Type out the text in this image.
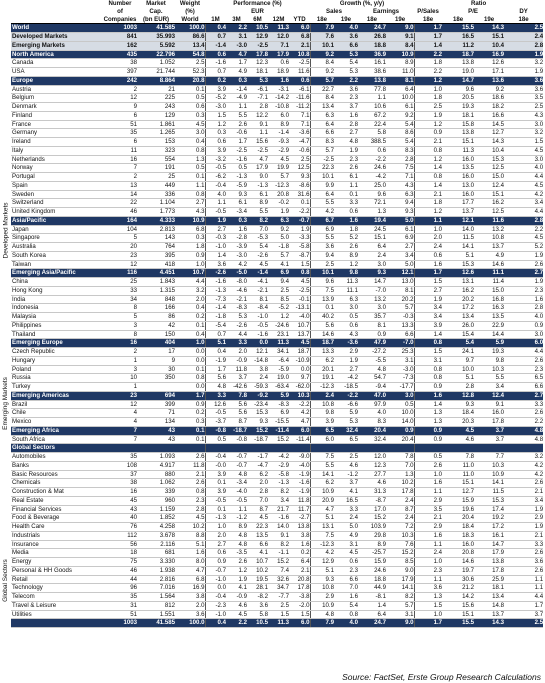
Developed Markets
Emerging Markets
Global Sectors
	Number	Market	Weight	Performance (%)					Growth (%, y/y)				Ratio			
	of	Cap.	(%)	EUR					Sales		Earnings		P/Sales	P/E		DY
	Companies	(bn EUR)	World	1M	3M	6M	12M	YTD	18e	19e	18e	19e	18e	18e	19e	18e
World	1003	41.585	100.0	0.4	2.2	10.5	11.3	6.0	7.9	4.0	24.7	9.0	1.7	15.5	14.3	2.5
Developed Markets	841	35.993	86.6	0.7	3.1	12.9	12.0	6.8	7.6	3.6	26.8	9.1	1.7	16.5	15.1	2.4
Emerging Markets	162	5.592	13.4	-1.4	-3.0	-2.5	7.1	2.1	10.1	6.6	18.8	8.4	1.4	11.2	10.4	2.8
North America	435	22.796	54.8	0.6	4.7	17.8	17.9	10.8	9.2	5.3	36.9	10.9	2.2	18.7	16.9	1.9
Canada	38	1.052	2.5	-1.6	1.7	12.3	0.6	-2.5	8.4	5.4	16.1	8.9	1.8	13.8	12.6	3.2
USA	397	21.744	52.3	0.7	4.9	18.1	18.9	11.6	9.2	5.3	38.6	11.0	2.2	19.0	17.1	1.9
Europe	242	8.864	20.8	0.2	0.3	5.3	1.6	0.6	5.7	2.2	13.8	8.1	1.2	14.7	13.6	3.6
Austria	2	21	0.1	3.9	-1.4	-6.1	-3.1	-6.1	22.7	3.6	77.8	6.4	1.0	9.6	9.2	3.6
Belgium	12	225	0.5	-5.2	-4.9	-7.1	-14.2	-11.6	8.4	2.3	1.1	10.0	1.8	20.5	18.6	3.5
Denmark	9	243	0.6	-3.0	1.1	2.8	-10.8	-11.2	13.4	3.7	10.6	6.1	2.5	19.3	18.2	2.5
Finland	6	129	0.3	1.5	5.5	12.2	6.0	7.1	6.3	1.6	67.2	9.2	1.9	18.1	16.6	4.3
France	51	1.861	4.5	1.2	2.6	9.1	8.9	7.1	6.4	2.8	22.4	5.4	1.2	15.8	14.5	3.0
Germany	35	1.265	3.0	0.3	-0.6	1.1	-1.4	-3.6	6.6	2.7	5.8	8.6	0.9	13.8	12.7	3.2
Ireland	6	153	0.4	0.6	1.7	15.6	-9.3	-4.7	8.3	4.8	388.5	5.4	2.1	15.1	14.3	1.5
Italy	11	323	0.8	3.9	-2.5	-2.5	-2.9	-0.6	5.7	1.9	0.6	8.3	0.8	11.3	10.4	4.5
Netherlands	16	554	1.3	-3.2	-1.6	4.7	4.5	2.5	-2.5	2.3	-2.2	2.8	1.2	16.0	15.3	3.0
Norway	7	191	0.5	-0.5	0.5	17.9	19.9	12.5	22.3	2.6	24.6	7.5	1.4	13.5	12.5	4.0
Portugal	2	25	0.1	-6.2	-1.3	9.0	5.7	9.3	10.1	6.1	-4.2	7.1	0.8	16.0	15.0	4.4
Spain	13	449	1.1	-0.4	-5.9	-1.3	-12.3	-8.6	9.9	1.1	25.0	4.3	1.4	13.0	12.4	4.5
Sweden	14	336	0.8	4.0	9.3	6.1	20.8	31.6	6.4	0.1	9.6	6.3	2.1	16.0	15.1	4.2
Switzerland	22	1.104	2.7	1.1	6.1	8.9	-0.2	0.1	5.5	3.3	72.1	9.4	1.8	17.7	16.2	3.4
United Kingdom	46	1.773	4.3	-0.5	-3.4	5.5	1.9	-2.2	4.2	0.6	1.3	9.3	1.2	13.7	12.5	4.4
Asia/Pacific	164	4.333	10.9	1.9	0.3	8.2	6.3	-0.7	6.7	1.6	19.4	5.0	1.1	12.1	11.6	2.8
Japan	104	2.813	6.8	2.7	1.6	7.0	9.2	1.9	6.9	1.8	24.5	6.1	1.0	14.0	13.2	2.2
Singapore	5	143	0.3	-0.3	-2.8	-5.3	5.0	-3.3	5.5	5.2	15.1	6.9	2.0	11.5	10.8	4.5
Australia	20	764	1.8	-1.0	-3.9	5.4	-1.8	-5.8	3.6	2.6	6.4	2.7	2.4	14.1	13.7	5.2
South Korea	23	395	0.9	1.4	-3.0	-2.6	5.7	-8.7	9.4	8.9	2.4	3.4	0.6	5.1	4.9	1.9
Taiwan	12	418	1.0	3.6	4.2	4.5	4.1	1.5	2.5	1.2	3.0	5.0	1.6	15.3	14.6	2.6
Emerging Asia/Pacific	116	4.451	10.7	-2.6	-5.0	-1.4	6.9	0.8	10.1	9.8	9.3	12.1	1.7	12.6	11.1	2.7
China	25	1.843	4.4	-1.6	-8.0	-4.1	9.4	4.5	9.6	11.3	14.7	13.0	1.5	13.1	11.4	1.9
Hong Kong	33	1.315	3.2	-1.3	-4.6	-2.1	2.5	-2.5	7.5	11.1	-7.0	8.1	2.7	16.2	15.0	2.3
India	34	848	2.0	-7.3	-2.1	8.1	8.5	-0.1	13.9	6.3	13.2	20.2	1.9	20.2	16.8	1.6
Indonesia	8	166	0.4	-1.4	-8.3	-8.4	-5.2	-13.1	0.1	3.0	3.0	5.7	3.4	17.2	16.3	2.8
Malaysia	5	86	0.2	-1.8	5.3	-1.0	1.2	-4.0	40.2	0.5	35.7	-0.3	3.4	13.4	13.5	4.0
Philippines	3	42	0.1	-5.4	-2.6	-0.5	-24.6	10.7	5.6	0.6	8.1	13.3	3.9	26.0	22.9	0.9
Thailand	8	150	0.4	0.7	4.4	-1.6	23.1	13.7	14.6	4.3	0.9	6.6	1.4	15.4	14.4	3.0
Emerging Europe	16	404	1.0	5.1	3.3	0.0	11.3	4.5	18.7	-3.6	47.9	-7.0	0.8	5.4	5.9	6.0
Czech Republic	2	17	0.0	0.4	2.0	12.1	34.1	18.7	13.3	2.9	-27.2	25.3	1.5	24.1	19.3	4.4
Hungary	1	9	0.0	-1.9	-0.9	-14.8	-6.4	-10.9	6.2	1.9	-5.5	3.1	3.1	9.7	9.8	2.6
Poland	3	30	0.1	1.7	11.8	3.8	-5.9	0.0	20.1	2.7	4.8	-3.0	0.8	10.0	10.3	2.3
Russia	10	350	0.8	5.6	3.7	2.4	19.0	9.7	19.1	-4.2	54.7	-7.3	0.8	5.1	5.5	6.5
Turkey	1		0.0	4.8	-42.6	-59.3	-63.4	-62.0	-12.3	-18.5	-9.4	-17.7	0.9	2.8	3.4	6.6
Emerging Americas	23	694	1.7	3.3	7.8	-9.2	5.9	10.3	2.4	-2.2	47.0	3.0	1.6	12.8	12.4	2.7
Brazil	12	399	0.9	12.6	5.6	-23.4	-8.3	-2.2	10.8	-6.6	97.9	0.5	1.4	9.3	9.1	3.3
Chile	4	71	0.2	-0.5	5.6	15.3	6.9	4.2	9.8	5.9	4.0	10.0	1.3	18.4	16.0	2.6
Mexico	4	134	0.3	-3.7	8.7	9.3	-15.5	4.7	3.9	5.3	8.3	14.0	1.3	20.3	17.8	2.2
Emerging Africa	7	43	0.1	-0.8	-18.7	15.2	-11.4	6.0	6.5	32.4	20.4	0.9	0.9	4.5	3.7	4.8
South Africa	7	43	0.1	0.5	-0.8	-18.7	15.2	-11.4	6.0	6.5	32.4	20.4	0.9	4.6	3.7	4.8
Global Sectors																
Automobiles	35	1.093	2.6	-0.4	-0.7	-1.7	-4.2	-9.0	7.5	2.5	12.0	7.8	0.5	7.8	7.7	3.2
Banks	108	4.917	11.8	-0.0	-0.7	-4.7	-2.9	-4.0	5.5	4.6	12.3	7.0	2.6	11.0	10.3	4.2
Basic Resources	37	880	2.1	3.9	4.8	6.2	-5.8	-1.9	14.1	-1.2	27.7	1.3	1.0	11.0	10.9	4.2
Chemicals	38	1.062	2.6	0.1	-3.4	2.0	-1.3	-1.6	6.2	3.7	4.6	10.2	1.6	15.1	14.1	2.6
Construction & Mat	16	339	0.8	3.9	-4.0	2.8	8.2	-1.9	10.9	4.1	31.3	17.8	1.1	12.7	11.5	2.1
Real Estate	45	960	2.3	-0.5	-0.5	7.0	3.4	11.8	20.9	16.5	-8.7	2.4	2.9	15.9	15.3	3.4
Financial Services	43	1.159	2.8	0.1	1.1	8.7	21.7	11.7	4.7	3.3	17.0	8.7	3.5	19.6	17.4	1.9
Food & Beverage	40	1.852	4.5	-1.3	-1.2	4.5	-1.6	-2.7	5.1	2.4	15.2	2.4	2.1	20.4	19.2	2.9
Health Care	76	4.258	10.2	1.0	8.9	22.3	14.0	13.8	13.1	5.0	103.9	7.2	2.9	18.4	17.2	1.9
Industrials	112	3.678	8.8	2.0	4.8	13.5	9.1	3.8	7.5	4.9	29.8	10.3	1.6	18.3	16.1	2.1
Insurance	56	2.116	5.1	2.7	4.8	6.6	8.2	1.6	-12.3	3.1	8.9	7.6	1.1	16.0	14.7	3.3
Media	18	681	1.6	0.6	-3.5	4.1	-1.1	0.2	4.2	4.5	-25.7	15.2	2.4	20.8	17.9	2.6
Energy	75	3.330	8.0	0.9	2.6	10.7	15.2	6.4	12.9	0.6	15.9	8.5	1.0	14.6	13.8	3.6
Personal & HH Goods	46	1.938	4.7	-0.7	1.2	10.2	7.4	2.1	5.1	2.3	24.6	9.0	2.3	19.7	17.8	2.6
Retail	44	2.816	6.8	-1.0	1.9	19.5	32.6	20.8	9.3	6.6	18.8	17.9	1.1	30.6	25.9	1.1
Technology	96	7.016	16.9	0.0	4.1	28.1	34.7	17.8	10.8	7.0	44.9	14.1	3.6	21.2	18.1	1.1
Telecom	35	1.564	3.8	-0.4	-0.9	-8.2	-7.7	-3.8	2.9	1.6	-8.1	8.2	1.3	14.2	13.4	4.4
Travel & Leisure	31	812	2.0	-2.3	4.6	3.6	2.5	-2.0	10.9	5.4	1.4	5.7	1.5	15.6	14.8	1.7
Utilities	51	1.551	3.6	-1.0	4.5	5.8	1.5	1.5	4.8	0.8	6.4	3.1	1.0	15.1	13.7	3.7
	1003	41.585	100.0	0.4	2.2	10.5	11.3	6.0	7.9	4.0	24.7	9.0	1.7	15.5	14.3	2.5
Source: FactSet, Erste Group Research Calculations
